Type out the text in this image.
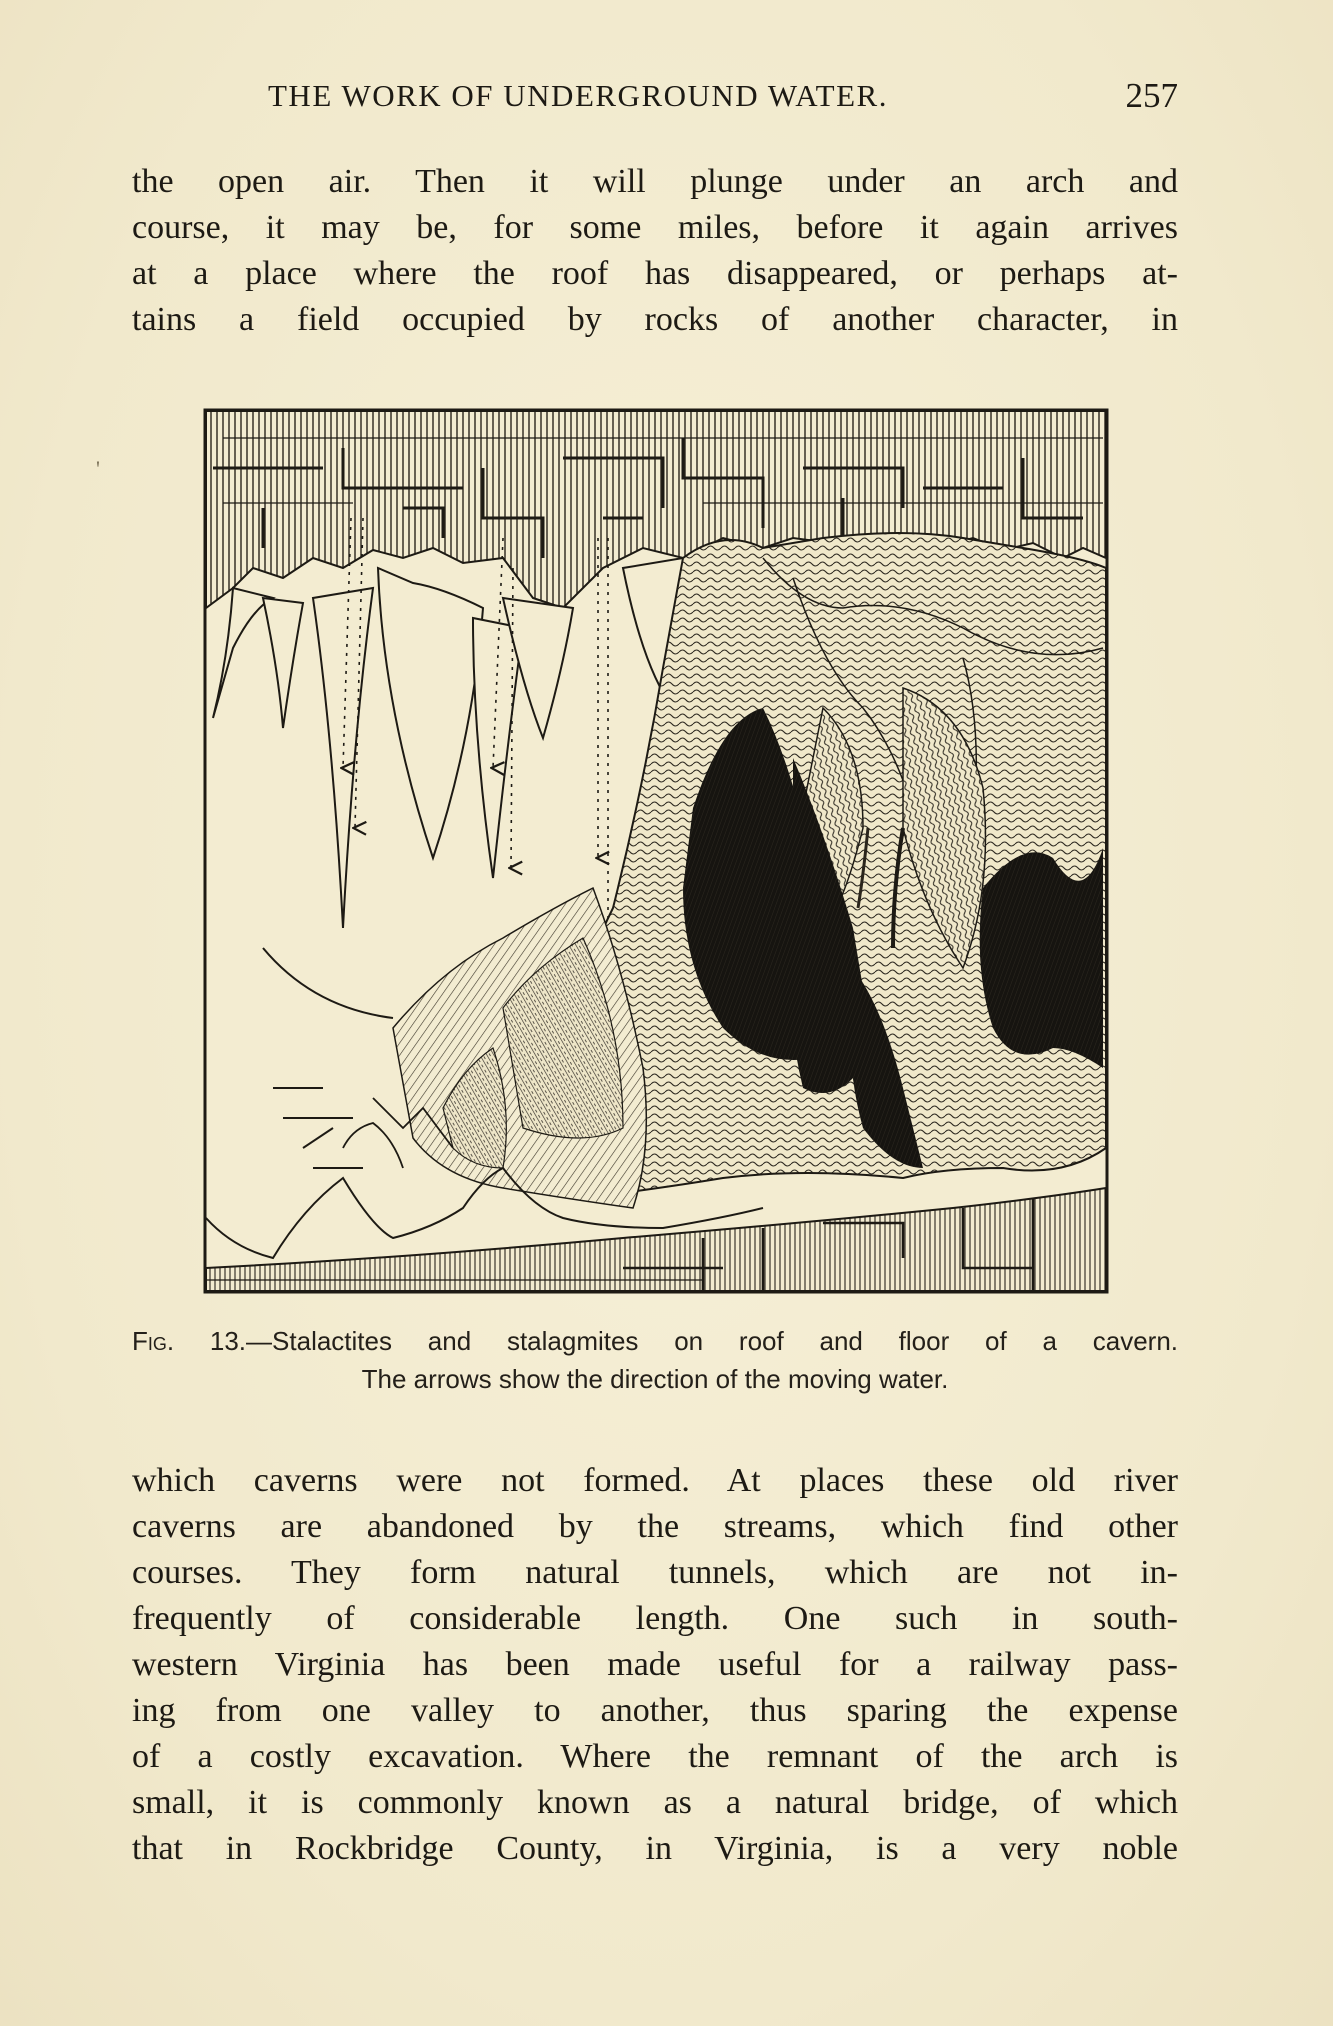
'
THE WORK OF UNDERGROUND WATER.	257
the open air. Then it will plunge under an arch and
course, it may be, for some miles, before it again arrives
at a place where the roof has disappeared, or perhaps at-
tains a field occupied by rocks of another character, in
Fig. 13.—Stalactites and stalagmites on roof and floor of a cavern.
The arrows show the direction of the moving water.
which caverns were not formed. At places these old river
caverns are abandoned by the streams, which find other
courses. They form natural tunnels, which are not in-
frequently of considerable length. One such in south-
western Virginia has been made useful for a railway pass-
ing from one valley to another, thus sparing the expense
of a costly excavation. Where the remnant of the arch is
small, it is commonly known as a natural bridge, of which
that in Rockbridge County, in Virginia, is a very noble
